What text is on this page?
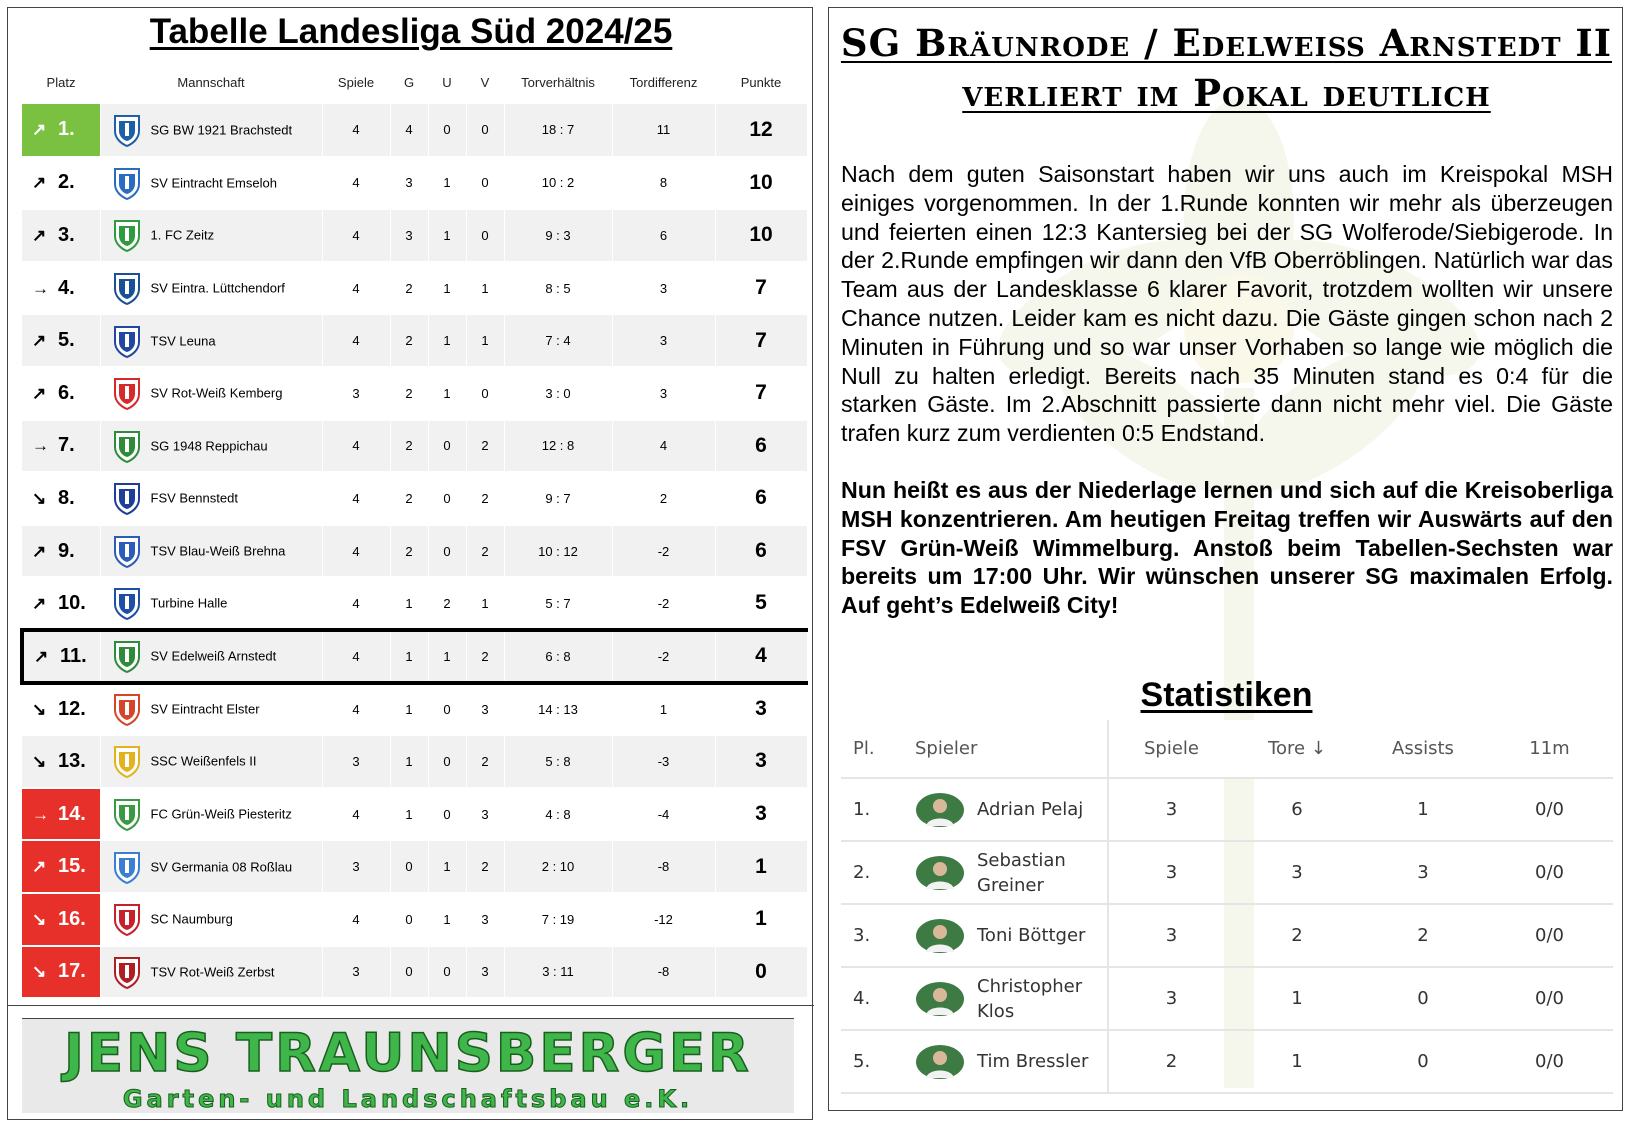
Tabelle Landesliga Süd 2024/25
Platz	Mannschaft	Spiele	G	U	V	Torverhältnis	Tordifferenz	Punkte
↗ 1.	SG BW 1921 Brachstedt	4	4	0	0	18 : 7	11	12
↗ 2.	SV Eintracht Emseloh	4	3	1	0	10 : 2	8	10
↗ 3.	1. FC Zeitz	4	3	1	0	9 : 3	6	10
→ 4.	SV Eintra. Lüttchendorf	4	2	1	1	8 : 5	3	7
↗ 5.	TSV Leuna	4	2	1	1	7 : 4	3	7
↗ 6.	SV Rot-Weiß Kemberg	3	2	1	0	3 : 0	3	7
→ 7.	SG 1948 Reppichau	4	2	0	2	12 : 8	4	6
↘ 8.	FSV Bennstedt	4	2	0	2	9 : 7	2	6
↗ 9.	TSV Blau-Weiß Brehna	4	2	0	2	10 : 12	-2	6
↗ 10.	Turbine Halle	4	1	2	1	5 : 7	-2	5
↗ 11.	SV Edelweiß Arnstedt	4	1	1	2	6 : 8	-2	4
↘ 12.	SV Eintracht Elster	4	1	0	3	14 : 13	1	3
↘ 13.	SSC Weißenfels II	3	1	0	2	5 : 8	-3	3
→ 14.	FC Grün-Weiß Piesteritz	4	1	0	3	4 : 8	-4	3
↗ 15.	SV Germania 08 Roßlau	3	0	1	2	2 : 10	-8	1
↘ 16.	SC Naumburg	4	0	1	3	7 : 19	-12	1
↘ 17.	TSV Rot-Weiß Zerbst	3	0	0	3	3 : 11	-8	0
JENS TRAUNSBERGER
Garten- und Landschaftsbau e.K.
SG Bräunrode / Edelweiß Arnstedt II
verliert im Pokal deutlich

Nach dem guten Saisonstart haben wir uns auch im Kreispokal MSH einiges vorgenommen. In der 1.Runde konnten wir mehr als überzeugen und feierten einen 12:3 Kantersieg bei der SG Wolferode/Siebigerode. In der 2.Runde empfingen wir dann den VfB Oberröblingen. Natürlich war das Team aus der Landesklasse 6 klarer Favorit, trotzdem wollten wir unsere Chance nutzen. Leider kam es nicht dazu. Die Gäste gingen schon nach 2 Minuten in Führung und so war unser Vorhaben so lange wie möglich die Null zu halten erledigt. Bereits nach 35 Minuten stand es 0:4 für die starken Gäste. Im 2.Abschnitt passierte dann nicht mehr viel. Die Gäste trafen kurz zum verdienten 0:5 Endstand.

Nun heißt es aus der Niederlage lernen und sich auf die Kreisoberliga MSH konzentrieren. Am heutigen Freitag treffen wir Auswärts auf den FSV Grün-Weiß Wimmelburg. Anstoß beim Tabellen-Sechsten war bereits um 17:00 Uhr. Wir wünschen unserer SG maximalen Erfolg. Auf geht’s Edelweiß City!

Statistiken
Pl.	Spieler	Spiele	Tore ↓	Assists	11m
1.	Adrian Pelaj	3	6	1	0/0
2.	Sebastian Greiner	3	3	3	0/0
3.	Toni Böttger	3	2	2	0/0
4.	Christopher Klos	3	1	0	0/0
5.	Tim Bressler	2	1	0	0/0
